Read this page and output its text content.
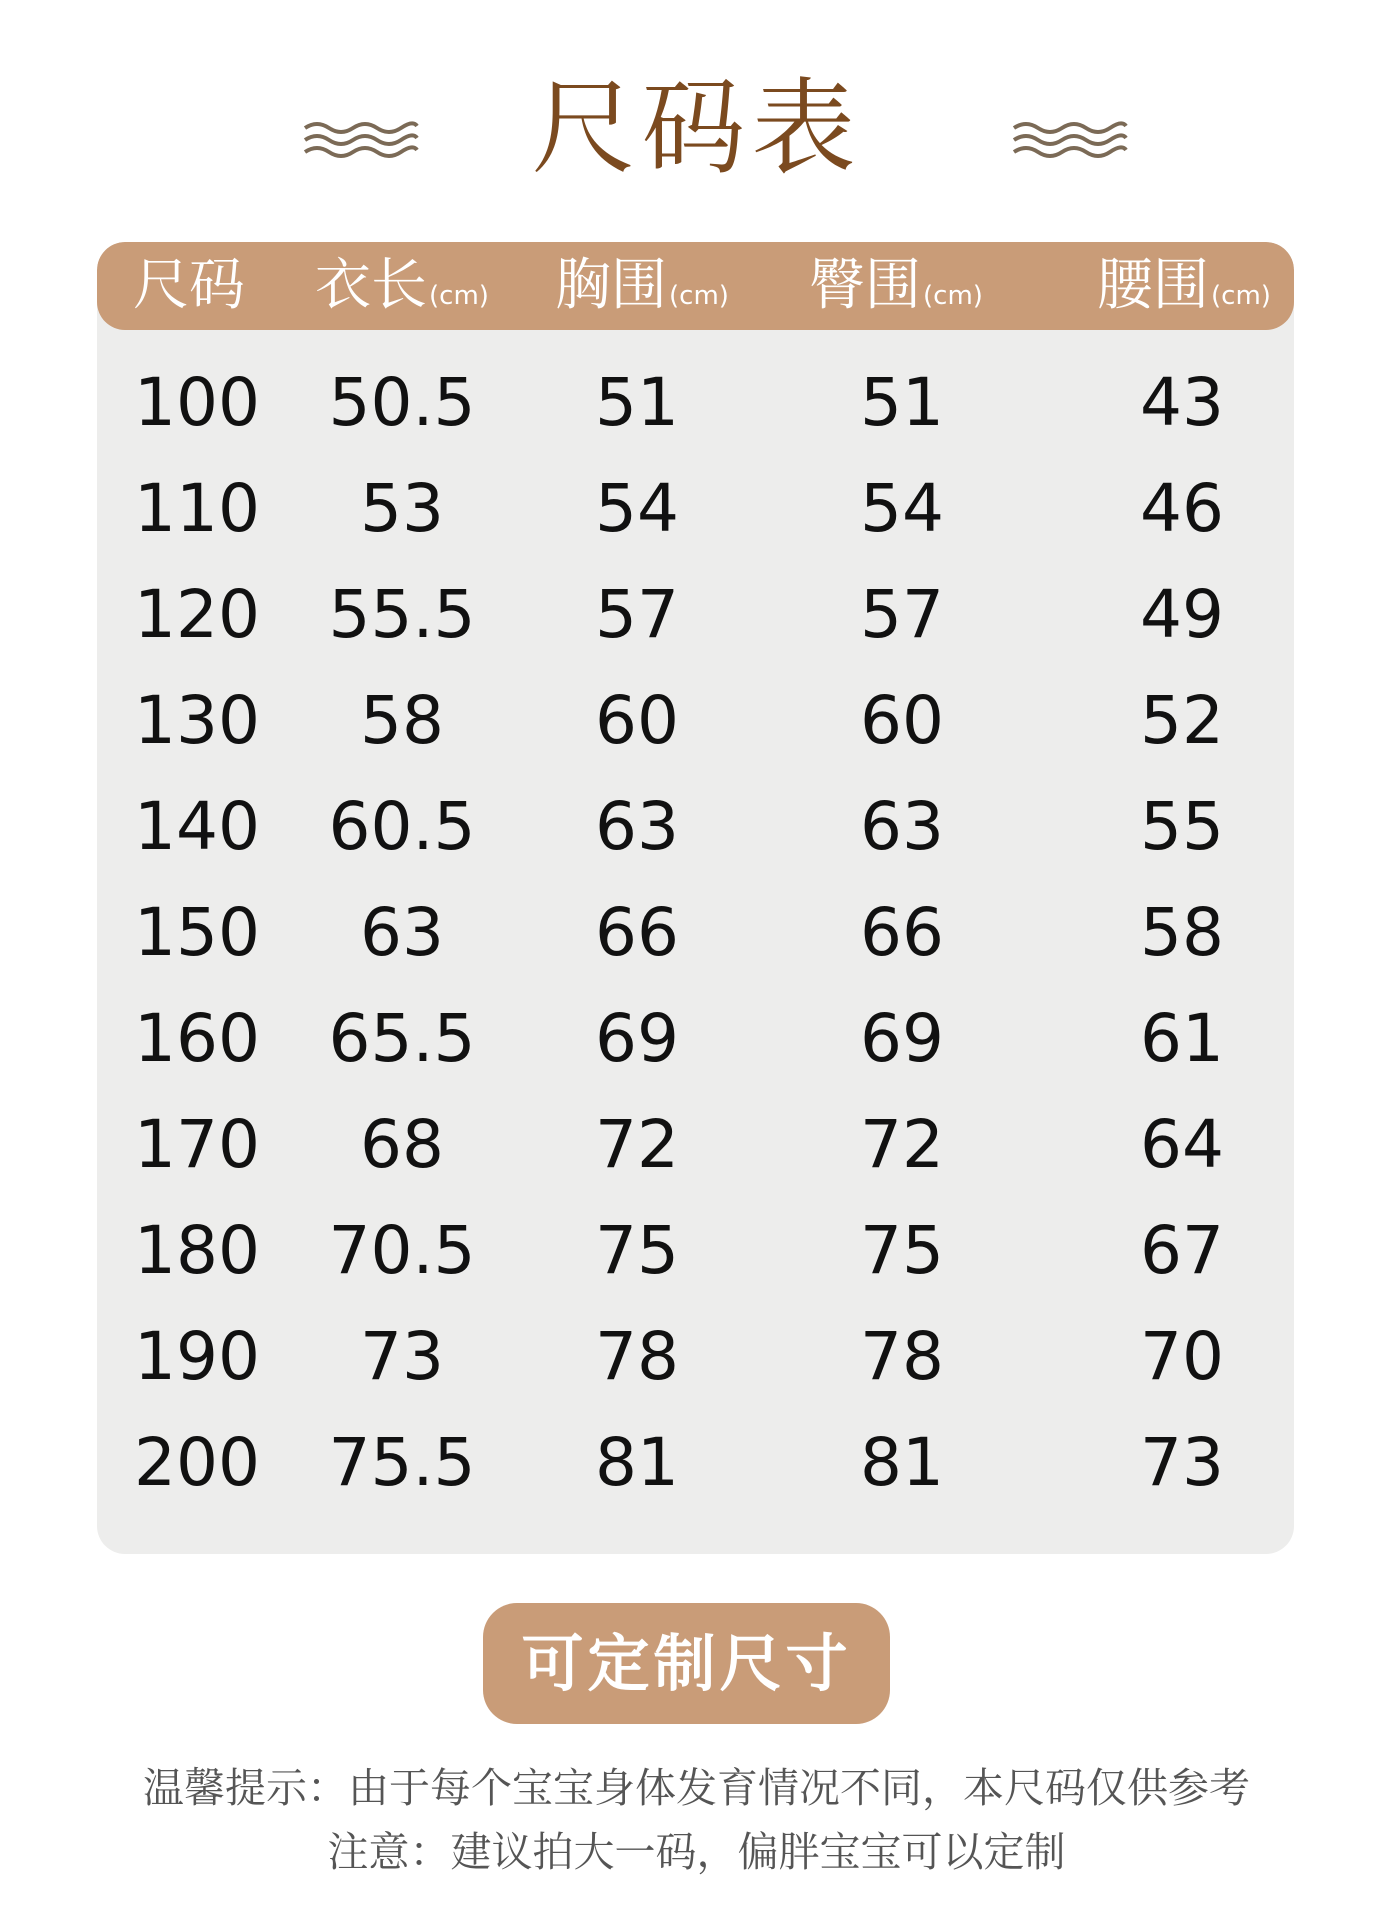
尺码表
尺码 衣长(cm) 胸围(cm) 臀围(cm) 腰围(cm)
100	50.5	51	51	43
110	53	54	54	46
120	55.5	57	57	49
130	58	60	60	52
140	60.5	63	63	55
150	63	66	66	58
160	65.5	69	69	61
170	68	72	72	64
180	70.5	75	75	67
190	73	78	78	70
200	75.5	81	81	73
可定制尺寸
温馨提示：由于每个宝宝身体发育情况不同，本尺码仅供参考
注意：建议拍大一码，偏胖宝宝可以定制
